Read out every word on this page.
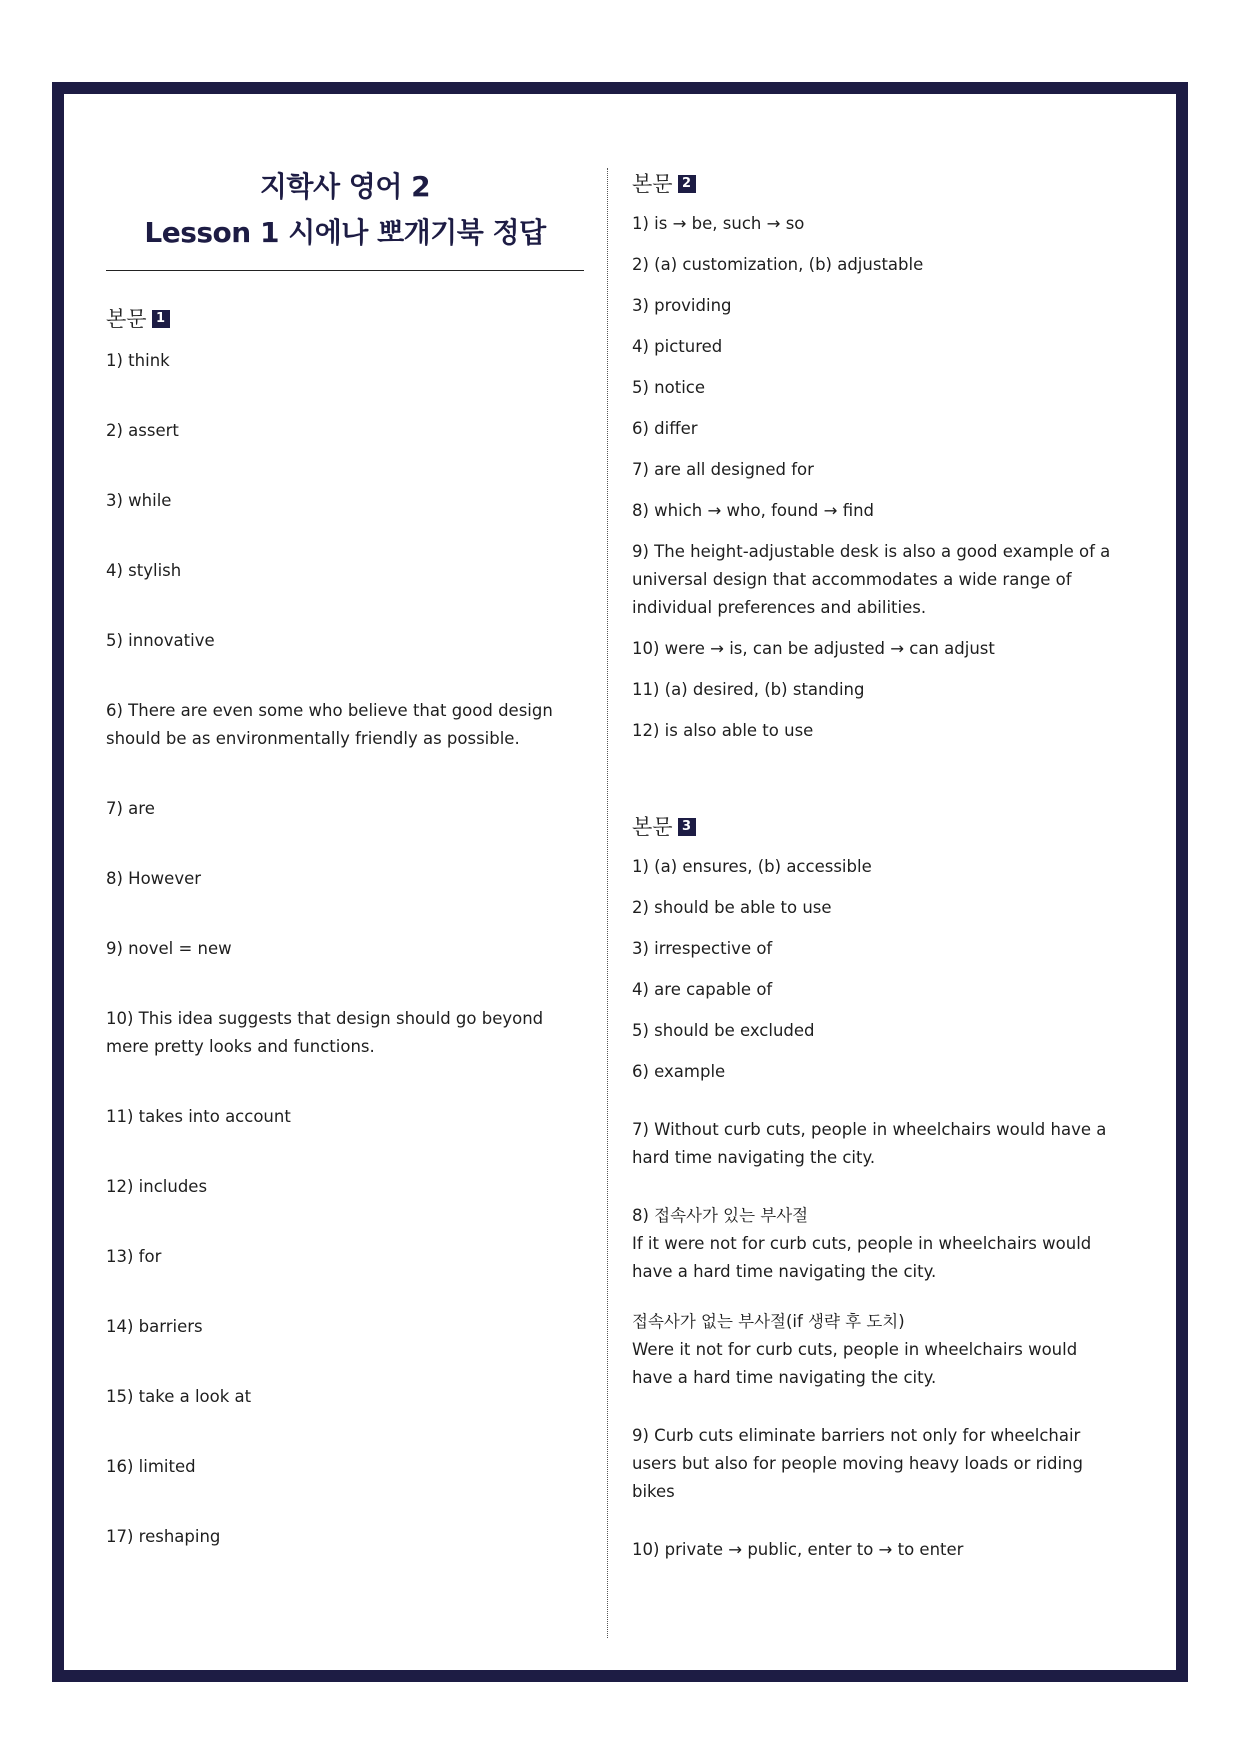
지학사 영어 2
Lesson 1 시에나 뽀개기북 정답
본문 1
1) think
2) assert
3) while
4) stylish
5) innovative
6) There are even some who believe that good design should be as environmentally friendly as possible.
7) are
8) However
9) novel = new
10) This idea suggests that design should go beyond mere pretty looks and functions.
11) takes into account
12) includes
13) for
14) barriers
15) take a look at
16) limited
17) reshaping
본문 2
1) is → be, such → so
2) (a) customization, (b) adjustable
3) providing
4) pictured
5) notice
6) differ
7) are all designed for
8) which → who, found → find
9) The height-adjustable desk is also a good example of a universal design that accommodates a wide range of individual preferences and abilities.
10) were → is, can be adjusted → can adjust
11) (a) desired, (b) standing
12) is also able to use
본문 3
1) (a) ensures, (b) accessible
2) should be able to use
3) irrespective of
4) are capable of
5) should be excluded
6) example
7) Without curb cuts, people in wheelchairs would have a hard time navigating the city.
8) 접속사가 있는 부사절
If it were not for curb cuts, people in wheelchairs would have a hard time navigating the city.
접속사가 없는 부사절(if 생략 후 도치)
Were it not for curb cuts, people in wheelchairs would have a hard time navigating the city.
9) Curb cuts eliminate barriers not only for wheelchair users but also for people moving heavy loads or riding bikes
10) private → public, enter to → to enter
